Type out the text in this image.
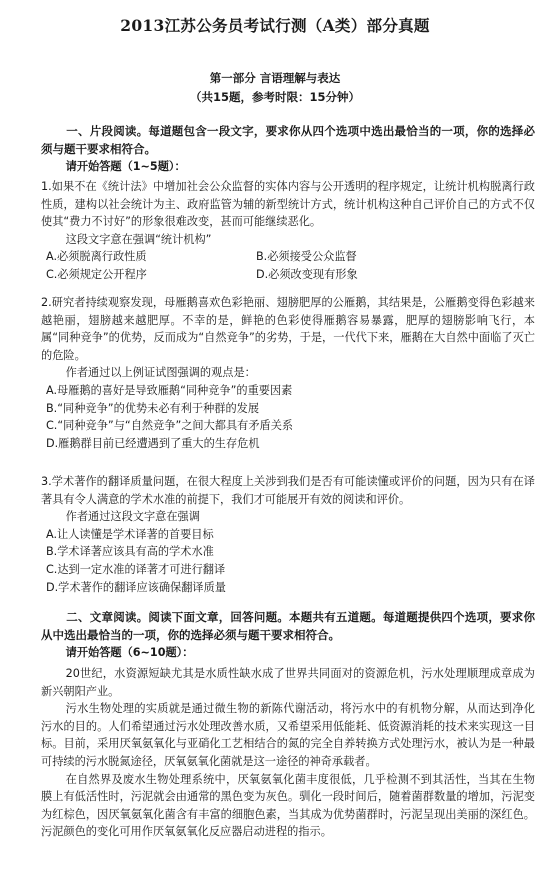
2013江苏公务员考试行测（A类）部分真题
第一部分 言语理解与表达
（共15题，参考时限：15分钟）

一、片段阅读。每道题包含一段文字，要求你从四个选项中选出最恰当的一项，你的选择必须与题干要求相符合。

请开始答题（1~5题）：

1.如果不在《统计法》中增加社会公众监督的实体内容与公开透明的程序规定，让统计机构脱离行政性质，建构以社会统计为主、政府监管为辅的新型统计方式，统计机构这种自己评价自己的方式不仅使其“费力不讨好”的形象很难改变，甚而可能继续恶化。

这段文字意在强调“统计机构”

A.必须脱离行政性质	B.必须接受公众监督
C.必须规定公开程序	D.必须改变现有形象

2.研究者持续观察发现，母雁鹅喜欢色彩艳丽、翅膀肥厚的公雁鹅，其结果是，公雁鹅变得色彩越来越艳丽，翅膀越来越肥厚。不幸的是，鲜艳的色彩使得雁鹅容易暴露，肥厚的翅膀影响飞行，本属“同种竞争”的优势，反而成为“自然竞争”的劣势，于是，一代代下来，雁鹅在大自然中面临了灭亡的危险。

作者通过以上例证试图强调的观点是：

A.母雁鹅的喜好是导致雁鹅“同种竞争”的重要因素

B.“同种竞争”的优势未必有利于种群的发展

C.“同种竞争”与“自然竞争”之间大都具有矛盾关系

D.雁鹅群目前已经遭遇到了重大的生存危机

3.学术著作的翻译质量问题，在很大程度上关涉到我们是否有可能读懂或评价的问题，因为只有在译著具有令人满意的学术水准的前提下，我们才可能展开有效的阅读和评价。

作者通过这段文字意在强调

A.让人读懂是学术译著的首要目标

B.学术译著应该具有高的学术水准

C.达到一定水准的译著才可进行翻译

D.学术著作的翻译应该确保翻译质量

二、文章阅读。阅读下面文章，回答问题。本题共有五道题。每道题提供四个选项，要求你从中选出最恰当的一项，你的选择必须与题干要求相符合。

请开始答题（6~10题）：

20世纪，水资源短缺尤其是水质性缺水成了世界共同面对的资源危机，污水处理顺理成章成为新兴朝阳产业。

污水生物处理的实质就是通过微生物的新陈代谢活动，将污水中的有机物分解，从而达到净化污水的目的。人们希望通过污水处理改善水质，又希望采用低能耗、低资源消耗的技术来实现这一目标。目前，采用厌氧氨氧化与亚硝化工艺相结合的氮的完全自养转换方式处理污水，被认为是一种最可持续的污水脱氮途径，厌氧氨氧化菌就是这一途径的神奇承载者。

在自然界及废水生物处理系统中，厌氧氨氧化菌丰度很低，几乎检测不到其活性，当其在生物膜上有低活性时，污泥就会由通常的黑色变为灰色。驯化一段时间后，随着菌群数量的增加，污泥变为红棕色，因厌氧氨氧化菌含有丰富的细胞色素，当其成为优势菌群时，污泥呈现出美丽的深红色。污泥颜色的变化可用作厌氧氨氧化反应器启动进程的指示。
